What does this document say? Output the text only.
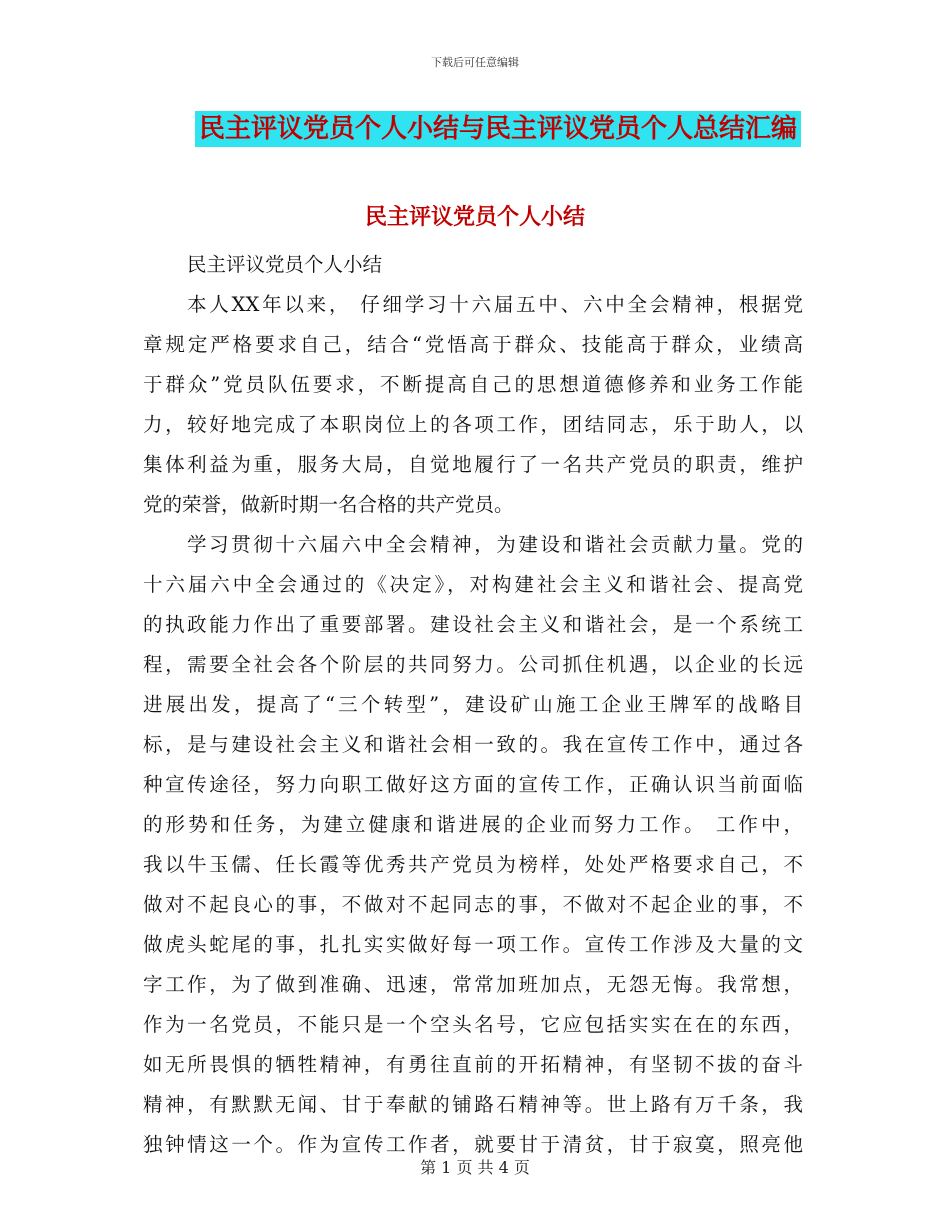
下载后可任意编辑
民主评议党员个人小结与民主评议党员个人总结汇编
民主评议党员个人小结
民主评议党员个人小结
本人XX年以来， 仔细学习十六届五中、六中全会精神，根据党
章规定严格要求自己，结合“党悟高于群众、技能高于群众，业绩高
于群众”党员队伍要求，不断提高自己的思想道德修养和业务工作能
力，较好地完成了本职岗位上的各项工作，团结同志，乐于助人，以
集体利益为重，服务大局，自觉地履行了一名共产党员的职责，维护
党的荣誉，做新时期一名合格的共产党员。
学习贯彻十六届六中全会精神，为建设和谐社会贡献力量。党的
十六届六中全会通过的《决定》，对构建社会主义和谐社会、提高党
的执政能力作出了重要部署。建设社会主义和谐社会，是一个系统工
程，需要全社会各个阶层的共同努力。公司抓住机遇，以企业的长远
进展出发，提高了“三个转型”，建设矿山施工企业王牌军的战略目
标，是与建设社会主义和谐社会相一致的。我在宣传工作中，通过各
种宣传途径，努力向职工做好这方面的宣传工作，正确认识当前面临
的形势和任务，为建立健康和谐进展的企业而努力工作。 工作中，
我以牛玉儒、任长霞等优秀共产党员为榜样，处处严格要求自己，不
做对不起良心的事，不做对不起同志的事，不做对不起企业的事，不
做虎头蛇尾的事，扎扎实实做好每一项工作。宣传工作涉及大量的文
字工作，为了做到准确、迅速，常常加班加点，无怨无悔。我常想，
作为一名党员，不能只是一个空头名号，它应包括实实在在的东西，
如无所畏惧的牺牲精神，有勇往直前的开拓精神，有坚韧不拔的奋斗
精神，有默默无闻、甘于奉献的铺路石精神等。世上路有万千条，我
独钟情这一个。作为宣传工作者，就要甘于清贫，甘于寂寞，照亮他
第 1 页 共 4 页
